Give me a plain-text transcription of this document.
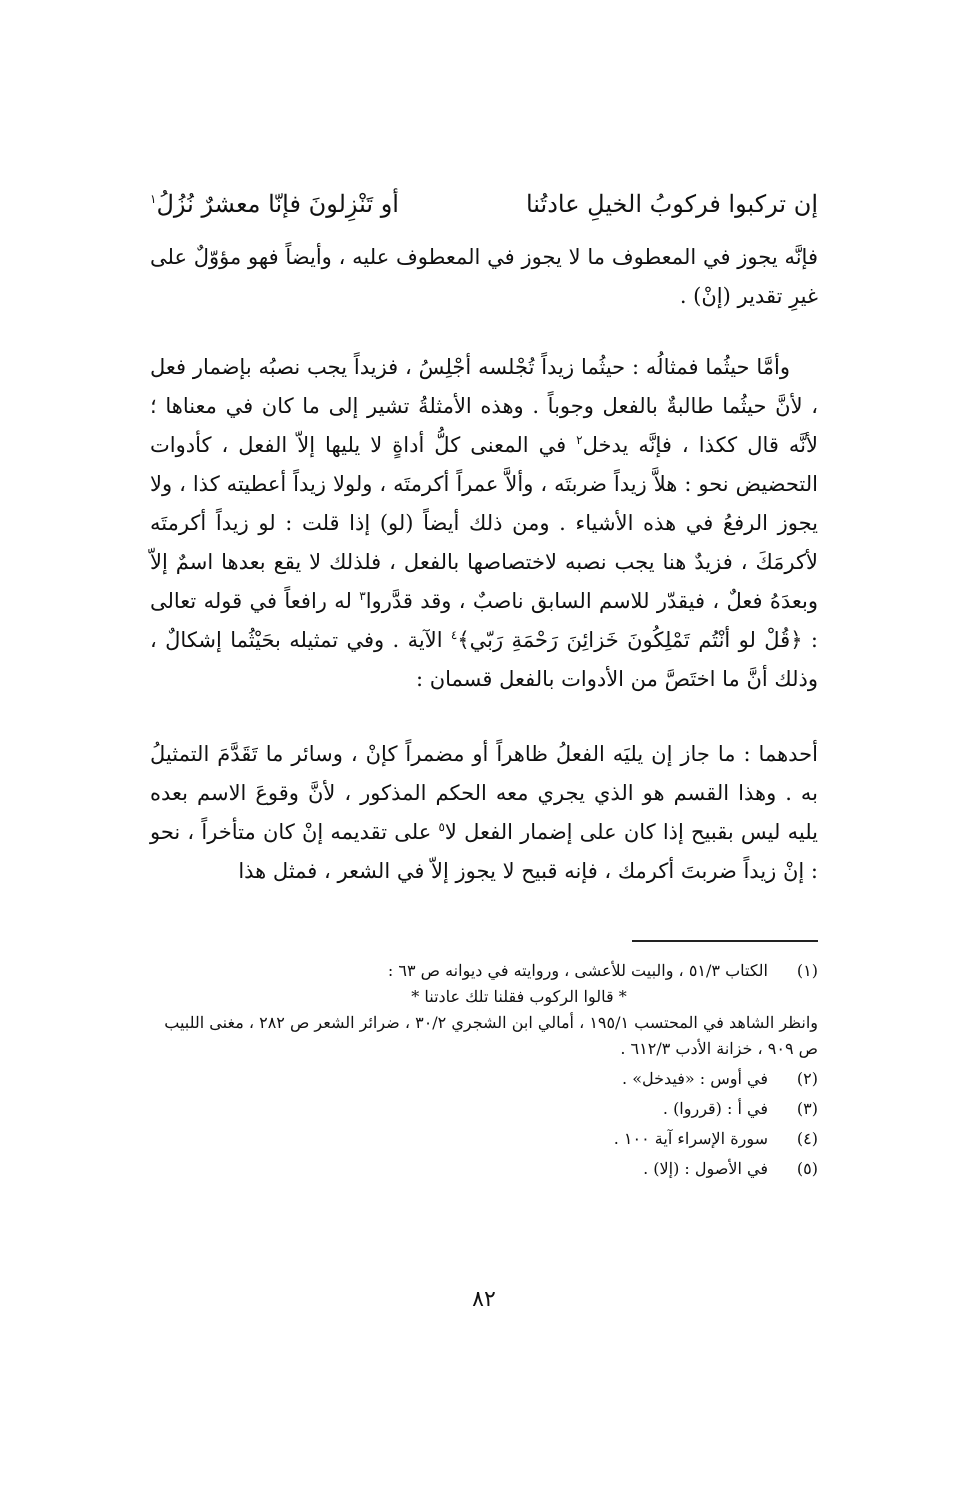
إن تركبوا فركوبُ الخيلِ عادتُنا
أو تَنْزِلونَ فإنّا معشرٌ نُزُلُ$^١$

فإنَّه يجوز في المعطوف ما لا يجوز في المعطوف عليه ، وأيضاً فهو مؤوّلٌ على غيرِ تقدير (إنْ) .

وأمَّا حيثُما فمثالُه : حيثُما زيداً تُجْلسه أجْلِسُ ، فزيداً يجب نصبُه بإضمار فعل ، لأنَّ حيثُما طالبةٌ بالفعل وجوباً . وهذه الأمثلةُ تشير إلى ما كان في معناها ؛ لأنَّه قال ككذا ، فإنَّه يدخل$^٢$ في المعنى كلُّ أداةٍ لا يليها إلاّ الفعل ، كأدوات التحضيض نحو : هلاَّ زيداً ضربتَه ، وألاَّ عمراً أكرمتَه ، ولولا زيداً أعطيته كذا ، ولا يجوز الرفعُ في هذه الأشياء . ومن ذلك أيضاً (لو) إذا قلت : لو زيداً أكرمتَه لأكرمَكَ ، فزيدٌ هنا يجب نصبه لاختصاصها بالفعل ، فلذلك لا يقع بعدها اسمٌ إلاّ وبعدَهُ فعلٌ ، فيقدّر للاسم السابق ناصبٌ ، وقد قدَّروا$^٣$ له رافعاً في قوله تعالى : ﴿قُلْ لو أنْتُم تَمْلِكُونَ خَزائِنَ رَحْمَةِ رَبّي﴾$^٤$ الآية . وفي تمثيله بحَيْثُما إشكالٌ ، وذلك أنَّ ما اختَصَّ من الأدوات بالفعل قسمان :

أحدهما : ما جاز إن يليَه الفعلُ ظاهراً أو مضمراً كإنْ ، وسائر ما تَقَدَّمَ التمثيلُ به . وهذا القسم هو الذي يجري معه الحكم المذكور ، لأنَّ وقوعَ الاسم بعده يليه ليس بقبيح إذا كان على إضمار الفعل لا$^٥$ على تقديمه إنْ كان متأخراً ، نحو : إنْ زيداً ضربتَ أكرمك ، فإنه قبيح لا يجوز إلاّ في الشعر ، فمثل هذا

(١)
الكتاب ٥١/٣ ، والبيت للأعشى ، وروايته في ديوانه ص ٦٣ :
* قالوا الركوب فقلنا تلك عادتنا *
وانظر الشاهد في المحتسب ١٩٥/١ ، أمالي ابن الشجري ٣٠/٢ ، ضرائر الشعر ص ٢٨٢ ، مغنى اللبيب ص ٩٠٩ ، خزانة الأدب ٦١٢/٣ .
(٢)
في أوس : «فيدخل» .
(٣)
في أ : (قرروا) .
(٤)
سورة الإسراء آية ١٠٠ .
(٥)
في الأصول : (إلا) .
٨٢
